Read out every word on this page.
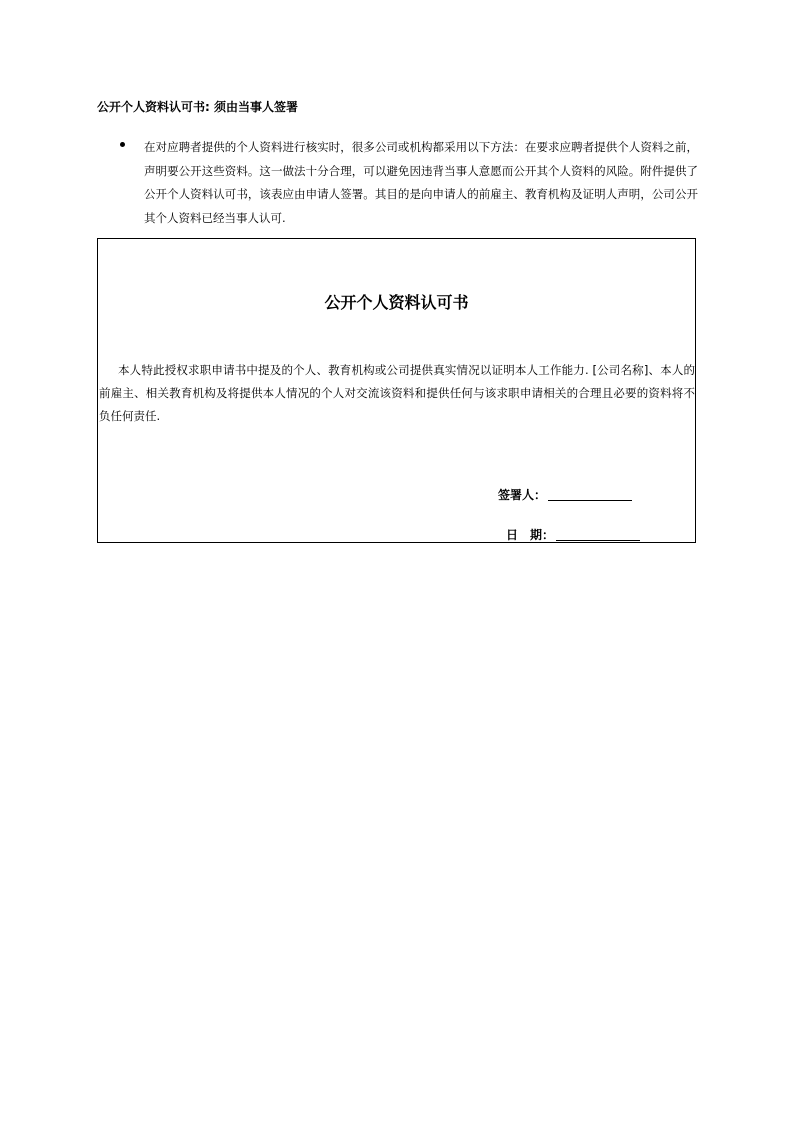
公开个人资料认可书: 须由当事人签署
在对应聘者提供的个人资料进行核实时，很多公司或机构都采用以下方法：在要求应聘者提供个人资料之前，声明要公开这些资料。这一做法十分合理，可以避免因违背当事人意愿而公开其个人资料的风险。附件提供了公开个人资料认可书，该表应由申请人签署。其目的是向申请人的前雇主、教育机构及证明人声明，公司公开其个人资料已经当事人认可.
公开个人资料认可书
本人特此授权求职申请书中提及的个人、教育机构或公司提供真实情况以证明本人工作能力. [公司名称]、本人的前雇主、相关教育机构及将提供本人情况的个人对交流该资料和提供任何与该求职申请相关的合理且必要的资料将不负任何责任.
签署人：
日　期：
